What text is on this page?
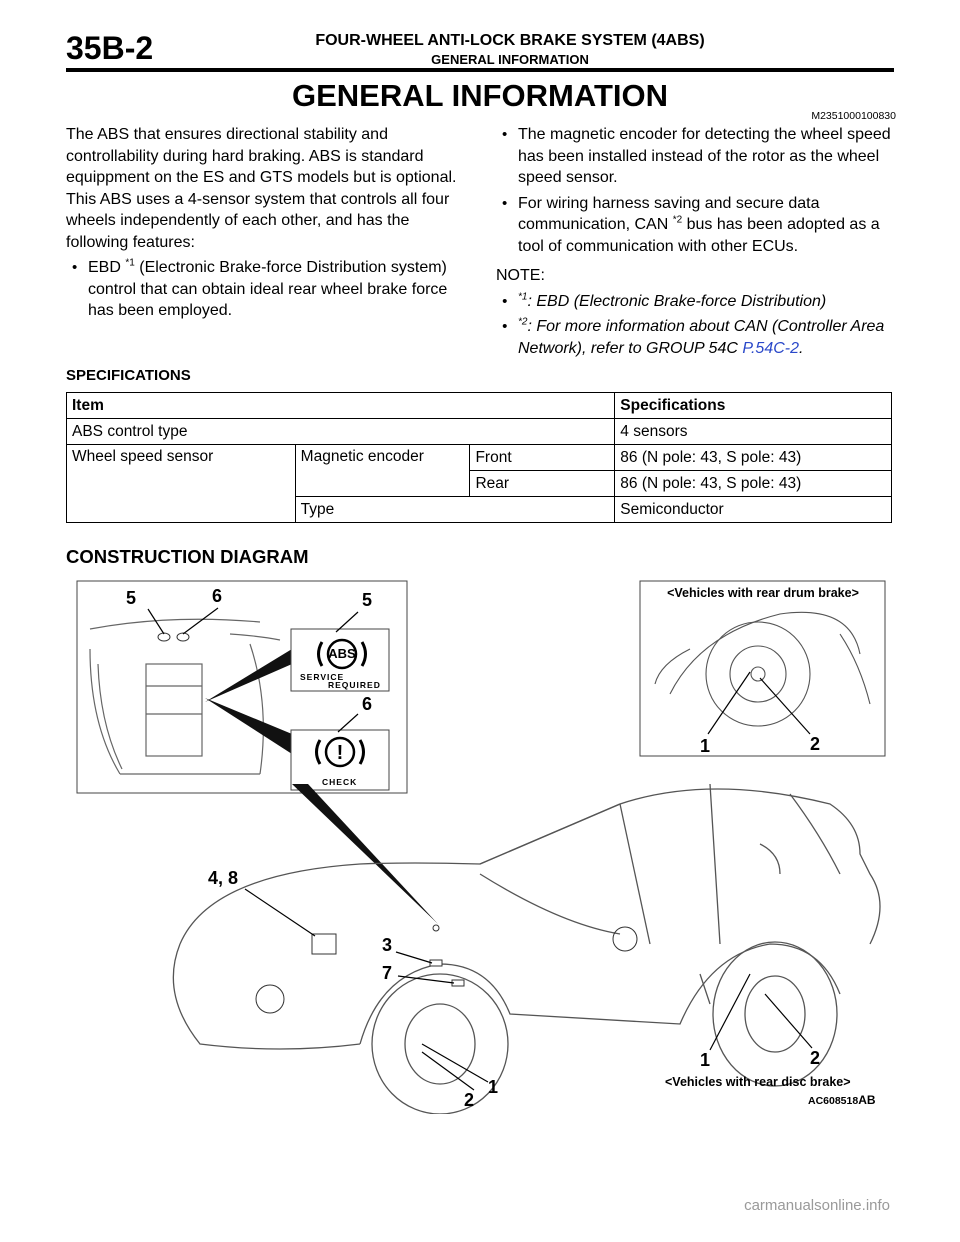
35B-2	FOUR-WHEEL ANTI-LOCK BRAKE SYSTEM (4ABS)
GENERAL INFORMATION
GENERAL INFORMATION
M2351000100830

The ABS that ensures directional stability and controllability during hard braking. ABS is standard equippment on the ES and GTS models but is optional.

This ABS uses a 4-sensor system that controls all four wheels independently of each other, and has the following features:

• EBD $^{*1}$ (Electronic Brake-force Distribution system) control that can obtain ideal rear wheel brake force has been employed.
• The magnetic encoder for detecting the wheel speed has been installed instead of the rotor as the wheel speed sensor.
• For wiring harness saving and secure data communication, CAN $^{*2}$ bus has been adopted as a tool of communication with other ECUs.

NOTE:

• $^{*1}$: EBD (Electronic Brake-force Distribution)
• $^{*2}$: For more information about CAN (Controller Area Network), refer to GROUP 54C P.54C-2.
SPECIFICATIONS
Item			Specifications
ABS control type			4 sensors
Wheel speed sensor	Magnetic encoder	Front	86 (N pole: 43, S pole: 43)
		Rear	86 (N pole: 43, S pole: 43)
	Type		Semiconductor
CONSTRUCTION DIAGRAM
5	6
ABS
SERVICE
REQUIRED
5
!
CHECK
6
<Vehicles with rear drum brake>
1	2
4, 8
3
7
1
2
1	2
<Vehicles with rear disc brake>
AC608518AB
carmanualsonline.info
